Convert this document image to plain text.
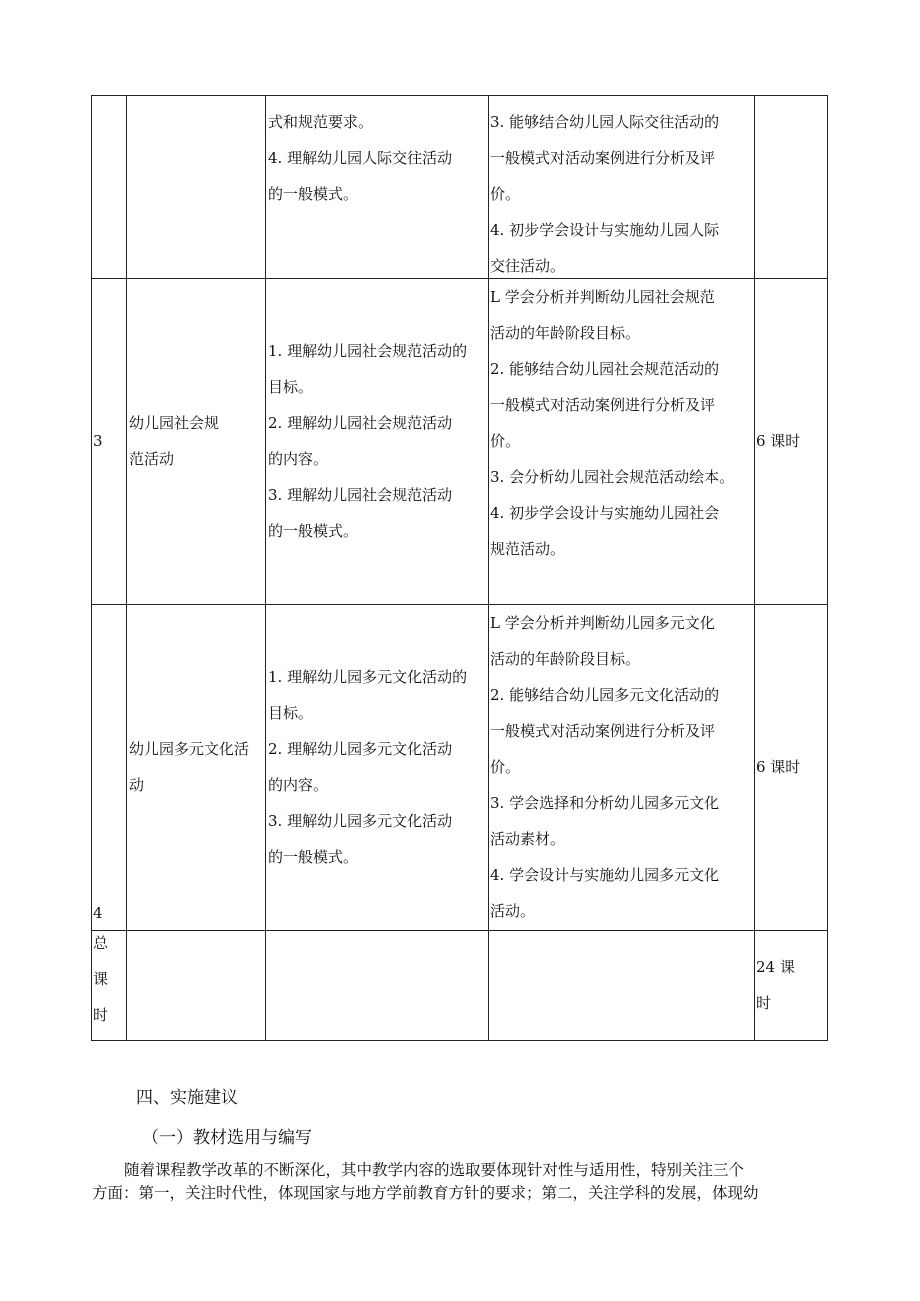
式和规范要求。
4. 理解幼儿园人际交往活动
的一般模式。
3. 能够结合幼儿园人际交往活动的
一般模式对活动案例进行分析及评
价。
4. 初步学会设计与实施幼儿园人际
交往活动。
3
幼儿园社会规
范活动
1. 理解幼儿园社会规范活动的
目标。
2. 理解幼儿园社会规范活动
的内容。
3. 理解幼儿园社会规范活动
的一般模式。
L 学会分析并判断幼儿园社会规范
活动的年龄阶段目标。
2. 能够结合幼儿园社会规范活动的
一般模式对活动案例进行分析及评
价。
3. 会分析幼儿园社会规范活动绘本。
4. 初步学会设计与实施幼儿园社会
规范活动。
6 课时
4
幼儿园多元文化活
动
1. 理解幼儿园多元文化活动的
目标。
2. 理解幼儿园多元文化活动
的内容。
3. 理解幼儿园多元文化活动
的一般模式。
L 学会分析并判断幼儿园多元文化
活动的年龄阶段目标。
2. 能够结合幼儿园多元文化活动的
一般模式对活动案例进行分析及评
价。
3. 学会选择和分析幼儿园多元文化
活动素材。
4. 学会设计与实施幼儿园多元文化
活动。
6 课时
总
课
时
24 课
时
四、实施建议
（一）教材选用与编写
随着课程教学改革的不断深化，其中教学内容的选取要体现针对性与适用性，特别关注三个
方面：第一，关注时代性，体现国家与地方学前教育方针的要求；第二，关注学科的发展，体现幼
